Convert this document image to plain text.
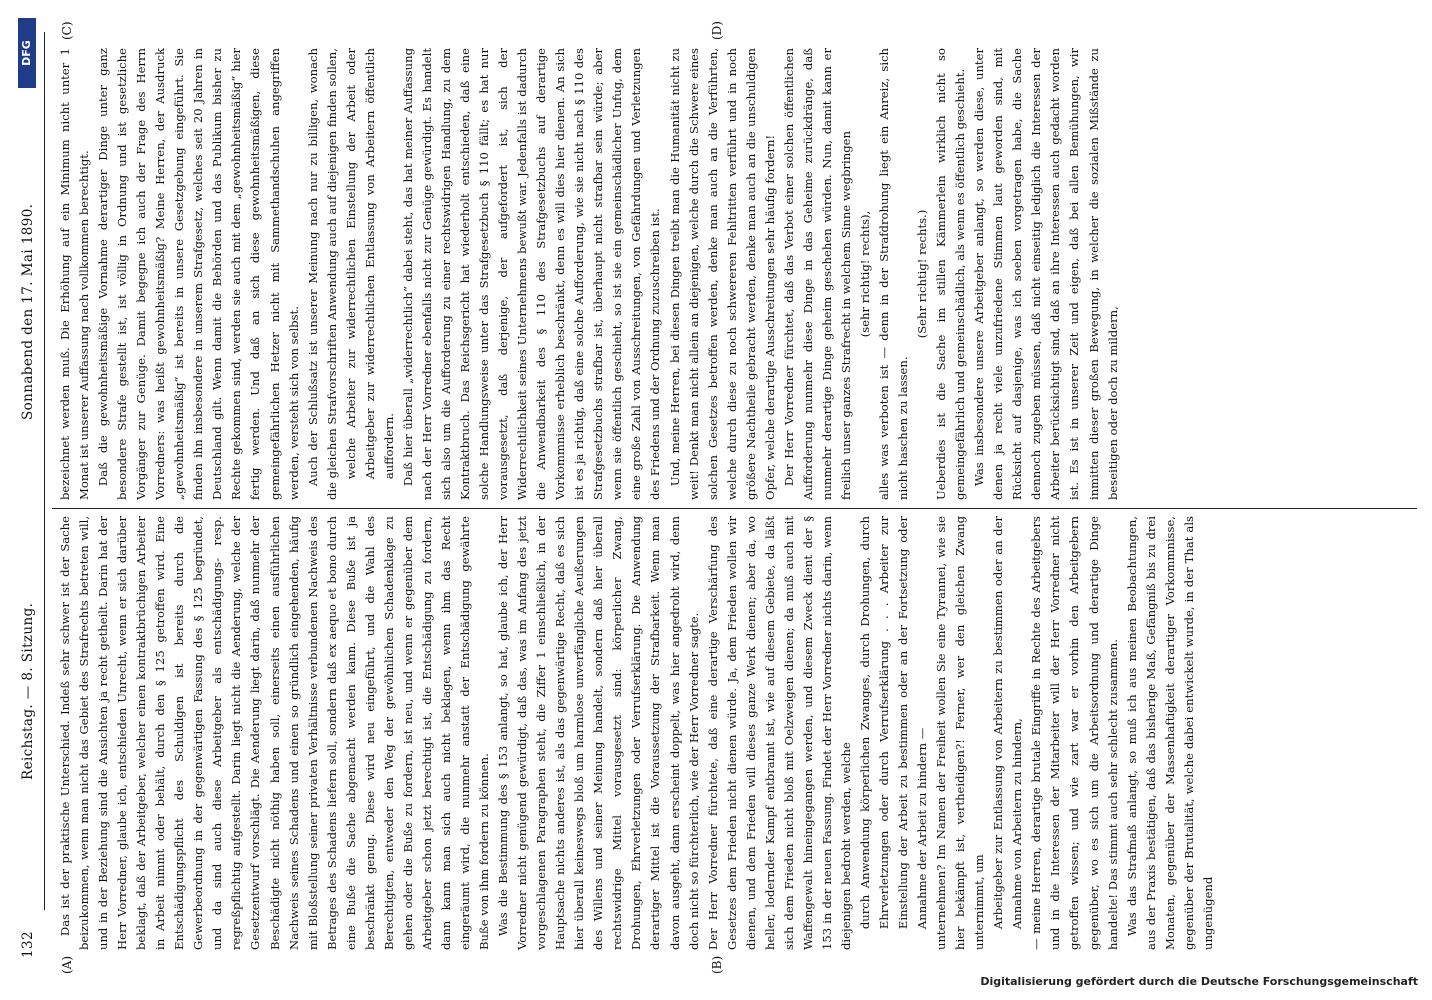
132
Reichstag. — 8. Sitzung.
Sonnabend den 17. Mai 1890.
(A)	(B)
(C)	(D)

Das ist der praktische Unterschied. Indeß sehr schwer ist der Sache beizukommen, wenn man nicht das Gebiet des Strafrechts betreten will, und in der Beziehung sind die Ansichten ja recht getheilt. Darin hat der Herr Vorredner, glaube ich, entschieden Unrecht, wenn er sich darüber beklagt, daß der Arbeitgeber, welcher einen kontraktbrüchigen Arbeiter in Arbeit nimmt oder behält, durch den § 125 getroffen wird. Eine Entschädigungspflicht des Schuldigen ist bereits durch die Gewerbeordnung in der gegenwärtigen Fassung des § 125 begründet, und da sind auch diese Arbeitgeber als entschädigungs- resp. regreßpflichtig aufgestellt. Darin liegt nicht die Aenderung, welche der Gesetzentwurf vorschlägt. Die Aenderung liegt darin, daß nunmehr der Beschädigte nicht nöthig haben soll, einerseits einen ausführlichen Nachweis seines Schadens und einen so gründlich eingehenden, häufig mit Bloßstellung seiner privaten Verhältnisse verbundenen Nachweis des Betrages des Schadens liefern soll, sondern daß ex aequo et bono durch eine Buße die Sache abgemacht werden kann. Diese Buße ist ja beschränkt genug. Diese wird neu eingeführt, und die Wahl des Berechtigten, entweder den Weg der gewöhnlichen Schadenklage zu gehen oder die Buße zu fordern, ist neu, und wenn er gegenüber dem Arbeitgeber schon jetzt berechtigt ist, die Entschädigung zu fordern, dann kann man sich auch nicht beklagen, wenn ihm das Recht eingeräumt wird, die nunmehr anstatt der Entschädigung gewährte Buße von ihm fordern zu können. Was die Bestimmung des § 153 anlangt, so hat, glaube ich, der Herr Vorredner nicht genügend gewürdigt, daß das, was im Anfang des jetzt vorgeschlagenen Paragraphen steht, die Ziffer 1 einschließlich, in der Hauptsache nichts anderes ist, als das gegenwärtige Recht, daß es sich hier überall keineswegs bloß um harmlose unverfängliche Aeußerungen des Willens und seiner Meinung handelt, sondern daß hier überall rechtswidrige Mittel vorausgesetzt sind: körperlicher Zwang, Drohungen, Ehrverletzungen oder Verrufserklärung. Die Anwendung derartiger Mittel ist die Voraussetzung der Strafbarkeit. Wenn man davon ausgeht, dann erscheint doppelt, was hier angedroht wird, denn doch nicht so fürchterlich, wie der Herr Vorredner sagte. Der Herr Vorredner fürchtete, daß eine derartige Verschärfung des Gesetzes dem Frieden nicht dienen würde. Ja, dem Frieden wollen wir dienen, und dem Frieden will dieses ganze Werk dienen; aber da, wo heller, lodernder Kampf entbrannt ist, wie auf diesem Gebiete, da läßt sich dem Frieden nicht bloß mit Oelzweigen dienen; da muß auch mit Waffengewalt hineingegangen werden, und diesem Zweck dient der § 153 in der neuen Fassung. Findet der Herr Vorredner nichts darin, wenn diejenigen bedroht werden, welche durch Anwendung körperlichen Zwanges, durch Drohungen, durch Ehrverletzungen oder durch Verrufserklärung . . . Arbeiter zur Einstellung der Arbeit zu bestimmen oder an der Fortsetzung oder Annahme der Arbeit zu hindern — unternehmen? Im Namen der Freiheit wollen Sie eine Tyrannei, wie sie hier bekämpft ist, vertheidigen?! Ferner, wer den gleichen Zwang unternimmt, um Arbeitgeber zur Entlassung von Arbeitern zu bestimmen oder an der Annahme von Arbeitern zu hindern, — meine Herren, derartige brutale Eingriffe in Rechte des Arbeitgebers und in die Interessen der Mitarbeiter will der Herr Vorredner nicht getroffen wissen; und wie zart war er vorhin den Arbeitgebern gegenüber, wo es sich um die Arbeitsordnung und derartige Dinge handelte! Das stimmt auch sehr schlecht zusammen. Was das Strafmaß anlangt, so muß ich aus meinen Beobachtungen, aus der Praxis bestätigen, daß das bisherige Maß, Gefängniß bis zu drei Monaten, gegenüber der Massenhaftigkeit derartiger Vorkommnisse, gegenüber der Brutalität, welche dabei entwickelt wurde, in der That als ungenügend

bezeichnet werden muß. Die Erhöhung auf ein Minimum nicht unter 1 Monat ist unserer Auffassung nach vollkommen berechtigt. Daß die gewohnheitsmäßige Vornahme derartiger Dinge unter ganz besondere Strafe gestellt ist, ist völlig in Ordnung und ist gesetzliche Vorgänger zur Genüge. Damit begegne ich auch der Frage des Herrn Vorredners: was heißt gewohnheitsmäßig? Meine Herren, der Ausdruck „gewohnheitsmäßig“ ist bereits in unsere Gesetzgebung eingeführt. Sie finden ihn insbesondere in unserem Strafgesetz, welches seit 20 Jahren in Deutschland gilt. Wenn damit die Behörden und das Publikum bisher zu Rechte gekommen sind, werden sie auch mit dem „gewohnheitsmäßig“ hier fertig werden. Und daß an sich diese gewohnheitsmäßigen, diese gemeingefährlichen Hetzer nicht mit Sammethandschuhen angegriffen werden, versteht sich von selbst. Auch der Schlußsatz ist unserer Meinung nach nur zu billigen, wonach die gleichen Strafvorschriften Anwendung auch auf diejenigen finden sollen, welche Arbeiter zur widerrechtlichen Einstellung der Arbeit oder Arbeitgeber zur widerrechtlichen Entlassung von Arbeitern öffentlich auffordern. Daß hier überall „widerrechtlich“ dabei steht, das hat meiner Auffassung nach der Herr Vorredner ebenfalls nicht zur Genüge gewürdigt. Es handelt sich also um die Aufforderung zu einer rechtswidrigen Handlung, zu dem Kontraktbruch. Das Reichsgericht hat wiederholt entschieden, daß eine solche Handlungsweise unter das Strafgesetzbuch § 110 fällt; es hat nur vorausgesetzt, daß derjenige, der aufgefordert ist, sich der Widerrechtlichkeit seines Unternehmens bewußt war. Jedenfalls ist dadurch die Anwendbarkeit des § 110 des Strafgesetzbuchs auf derartige Vorkommnisse erheblich beschränkt, denn es will dies hier dienen. An sich ist es ja richtig, daß eine solche Aufforderung, wie sie nicht nach § 110 des Strafgesetzbuchs strafbar ist, überhaupt nicht strafbar sein würde; aber wenn sie öffentlich geschieht, so ist sie ein gemeinschädlicher Unfug, dem eine große Zahl von Ausschreitungen, von Gefährdungen und Verletzungen des Friedens und der Ordnung zuzuschreiben ist. Und, meine Herren, bei diesen Dingen treibt man die Humanität nicht zu weit! Denkt man nicht allein an diejenigen, welche durch die Schwere eines solchen Gesetzes betroffen werden, denke man auch an die Verführten, welche durch diese zu noch schwereren Fehltritten verführt und in noch größere Nachtheile gebracht werden, denke man auch an die unschuldigen Opfer, welche derartige Ausschreitungen sehr häufig fordern! Der Herr Vorredner fürchtet, daß das Verbot einer solchen öffentlichen Aufforderung nunmehr diese Dinge in das Geheime zurückdränge, daß nunmehr derartige Dinge geheim geschehen würden. Nun, damit kann er freilich unser ganzes Strafrecht in welchem Sinne wegbringen (sehr richtig! rechts), alles was verboten ist — denn in der Strafdrohung liegt ein Anreiz, sich nicht haschen zu lassen.

(Sehr richtig! rechts.) Ueberdies ist die Sache im stillen Kämmerlein wirklich nicht so gemeingefährlich und gemeinschädlich, als wenn es öffentlich geschieht. Was insbesondere unsere Arbeitgeber anlangt, so werden diese, unter denen ja recht viele unzufriedene Stimmen laut geworden sind, mit Rücksicht auf dasjenige, was ich soeben vorgetragen habe, die Sache dennoch zugeben müssen, daß nicht einseitig lediglich die Interessen der Arbeiter berücksichtigt sind, daß an ihre Interessen auch gedacht worden ist. Es ist in unserer Zeit und eigen, daß bei allen Bemühungen, wir inmitten dieser großen Bewegung, in welcher die sozialen Mißstände zu beseitigen oder doch zu mildern,

DFG
Digitalisierung gefördert durch die Deutsche Forschungsgemeinschaft
